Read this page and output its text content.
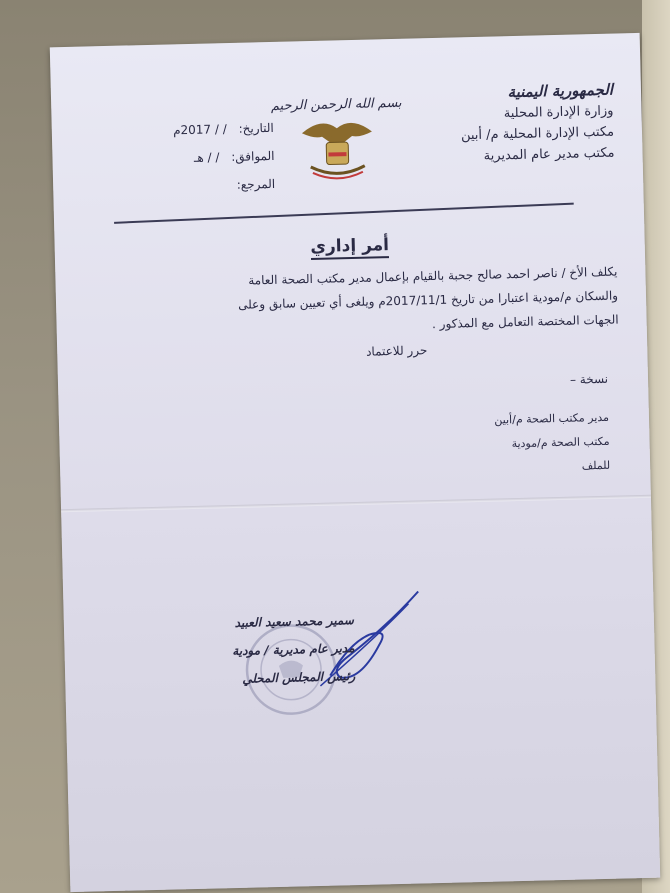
الجمهورية اليمنية
وزارة الإدارة المحلية
مكتب الإدارة المحلية م/ أبين
مكتب مدير عام المديرية
بسم الله الرحمن الرحيم
التاريخ: / / 2017م
الموافق: / / هـ
المرجع:
أمر إداري
يكلف الأخ / ناصر احمد صالح جحبة بالقيام بإعمال مدير مكتب الصحة العامة
والسكان م/مودية اعتبارا من تاريخ 2017/11/1م ويلغى أي تعيين سابق وعلى
الجهات المختصة التعامل مع المذكور .
حرر للاعتماد
نسخة –
مدير مكتب الصحة م/أبين
مكتب الصحة م/مودية
للملف
سمير محمد سعيد العبيد
مدير عام مديرية / مودية
رئيس المجلس المحلي
